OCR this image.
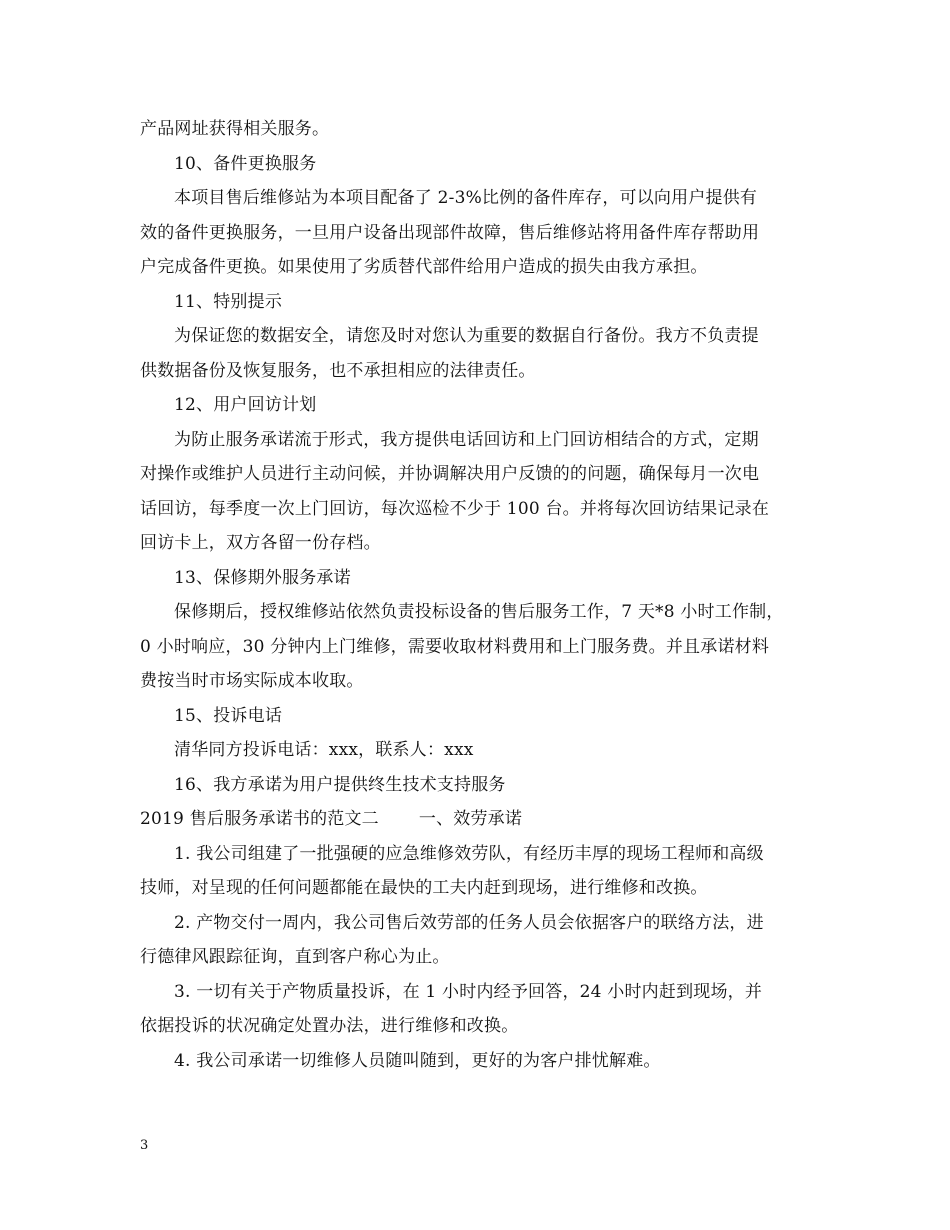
产品网址获得相关服务。
10、备件更换服务
本项目售后维修站为本项目配备了 2-3%比例的备件库存，可以向用户提供有
效的备件更换服务，一旦用户设备出现部件故障，售后维修站将用备件库存帮助用
户完成备件更换。如果使用了劣质替代部件给用户造成的损失由我方承担。
11、特别提示
为保证您的数据安全，请您及时对您认为重要的数据自行备份。我方不负责提
供数据备份及恢复服务，也不承担相应的法律责任。
12、用户回访计划
为防止服务承诺流于形式，我方提供电话回访和上门回访相结合的方式，定期
对操作或维护人员进行主动问候，并协调解决用户反馈的的问题，确保每月一次电
话回访，每季度一次上门回访，每次巡检不少于 100 台。并将每次回访结果记录在
回访卡上，双方各留一份存档。
13、保修期外服务承诺
保修期后，授权维修站依然负责投标设备的售后服务工作，7 天*8 小时工作制，
0 小时响应，30 分钟内上门维修，需要收取材料费用和上门服务费。并且承诺材料
费按当时市场实际成本收取。
15、投诉电话
清华同方投诉电话：xxx，联系人：xxx
16、我方承诺为用户提供终生技术支持服务
2019 售后服务承诺书的范文二　　 一、效劳承诺
1. 我公司组建了一批强硬的应急维修效劳队，有经历丰厚的现场工程师和高级
技师，对呈现的任何问题都能在最快的工夫内赶到现场，进行维修和改换。
2. 产物交付一周内，我公司售后效劳部的任务人员会依据客户的联络方法，进
行德律风跟踪征询，直到客户称心为止。
3. 一切有关于产物质量投诉，在 1 小时内经予回答，24 小时内赶到现场，并
依据投诉的状况确定处置办法，进行维修和改换。
4. 我公司承诺一切维修人员随叫随到，更好的为客户排忧解难。
3
